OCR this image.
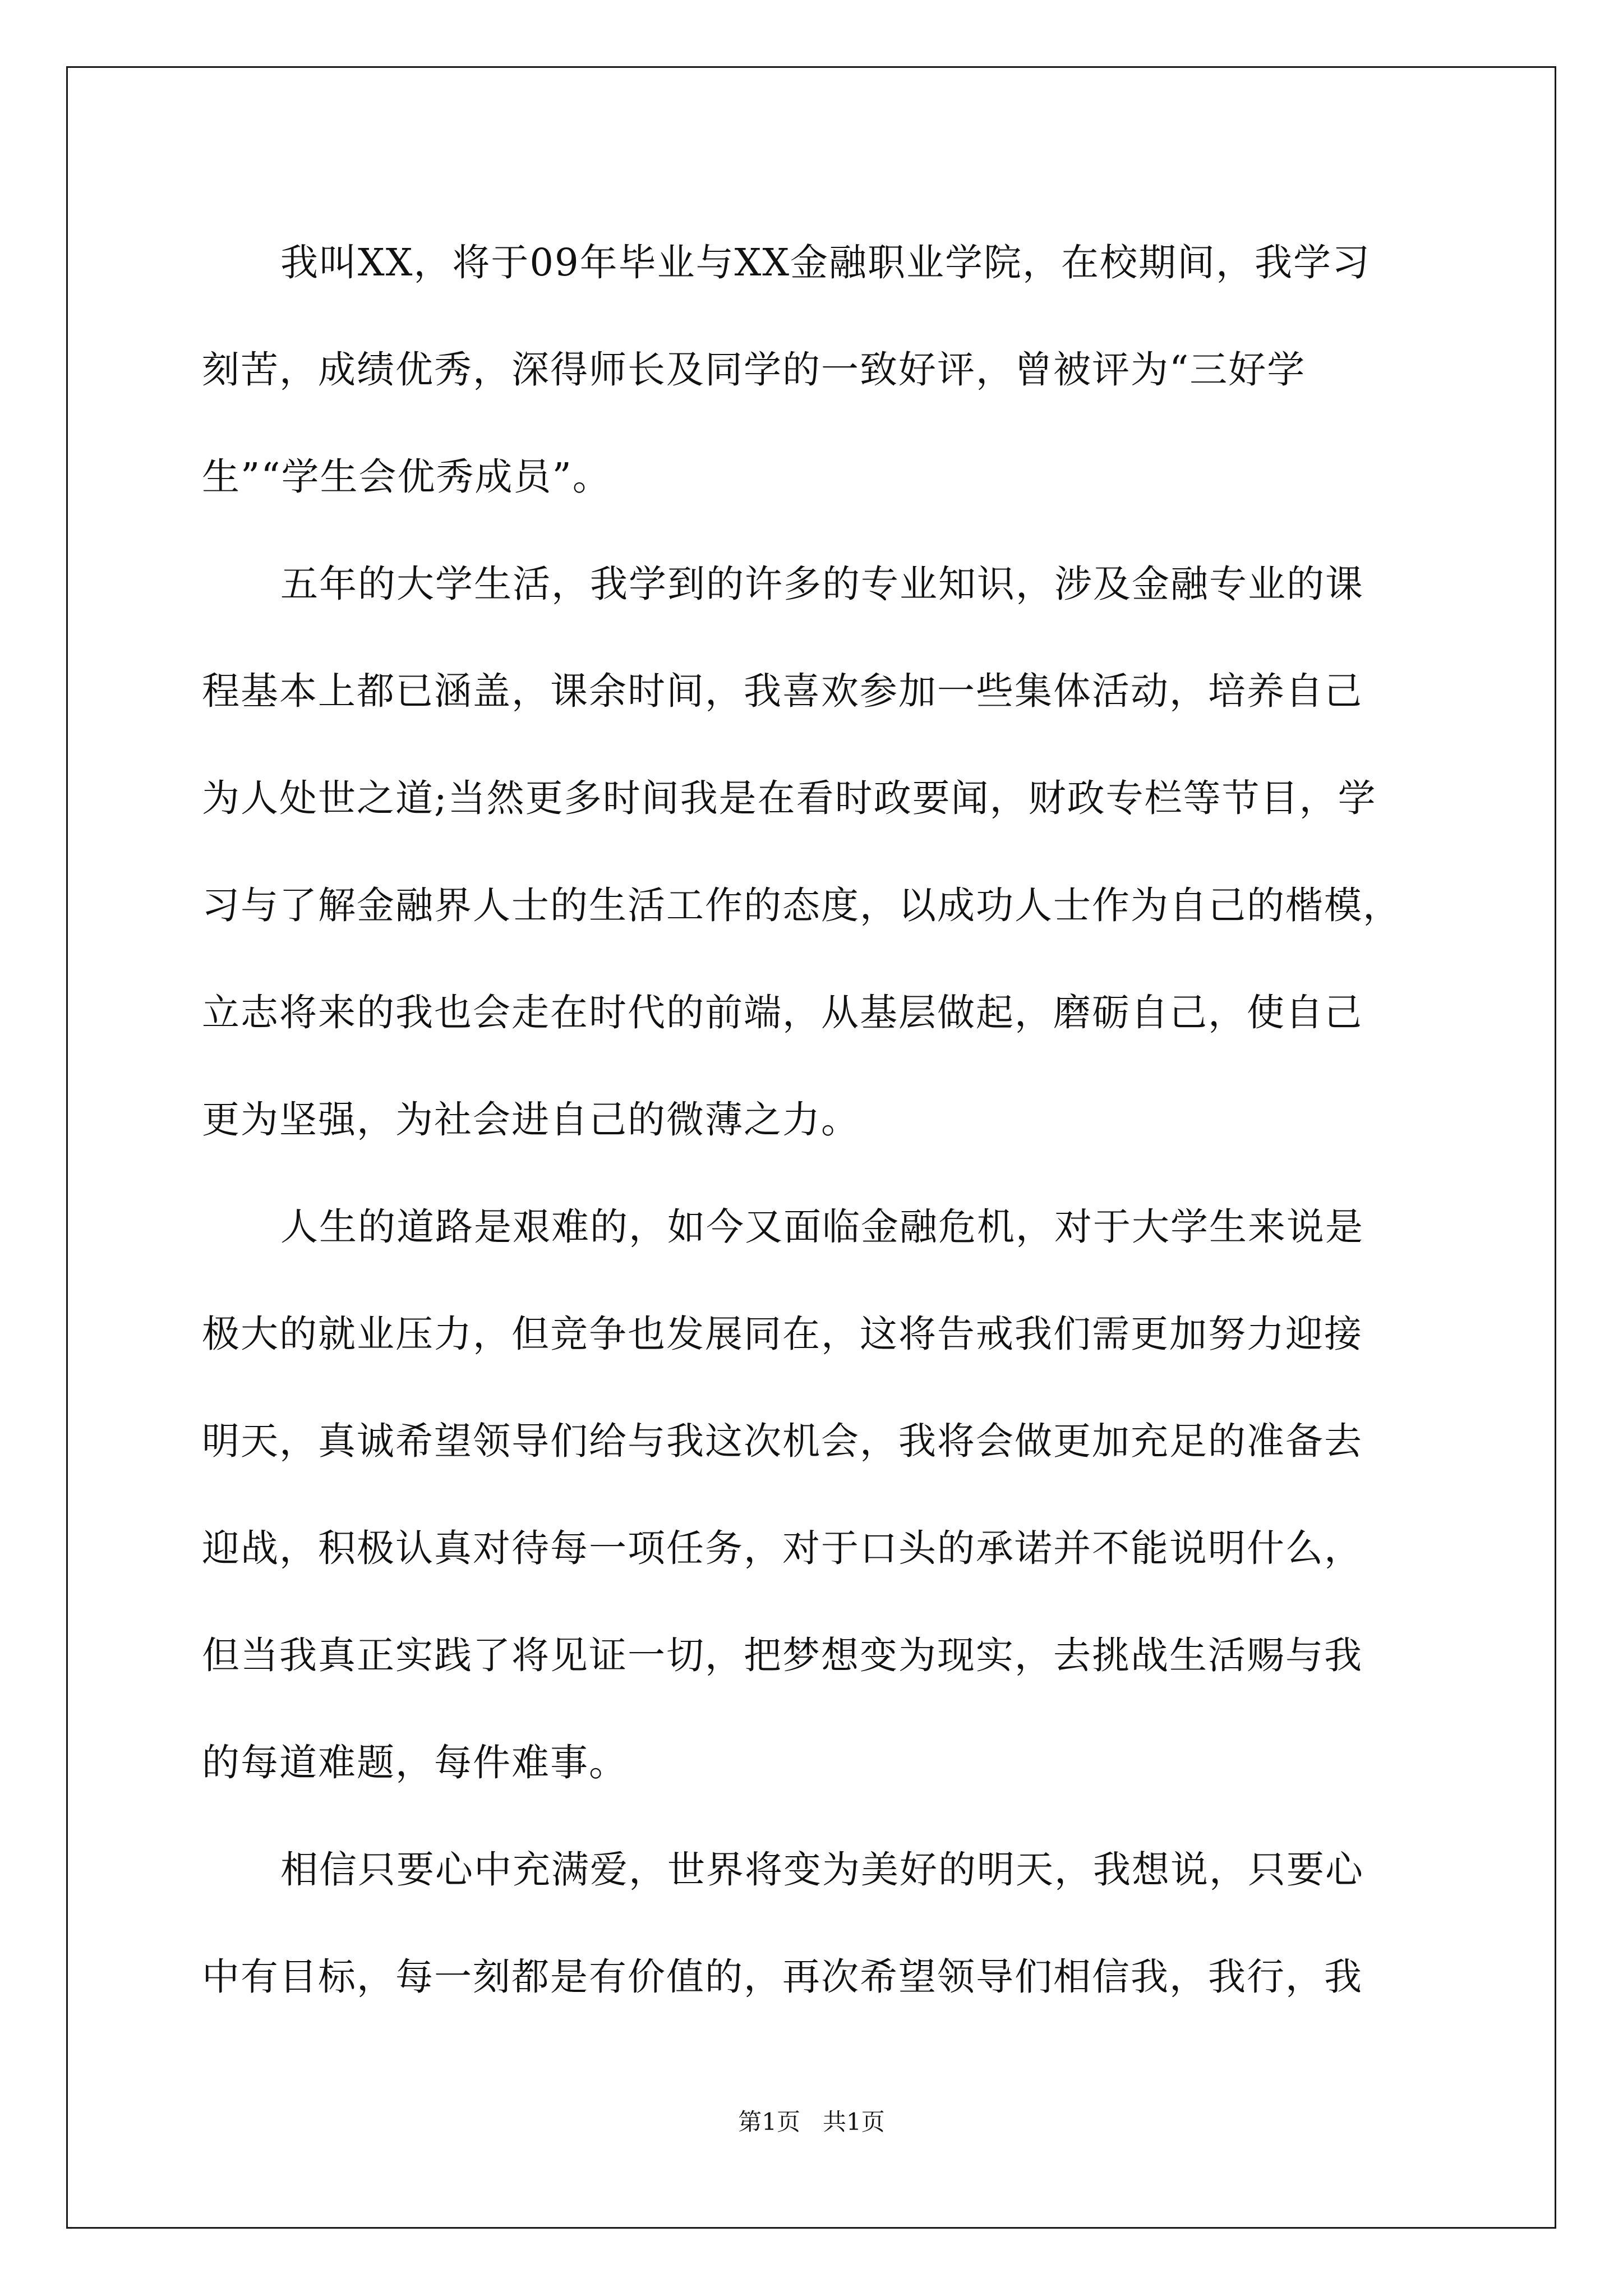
我叫XX，将于09年毕业与XX金融职业学院，在校期间，我学习
刻苦，成绩优秀，深得师长及同学的一致好评，曾被评为“三好学
生”“学生会优秀成员”。
五年的大学生活，我学到的许多的专业知识，涉及金融专业的课
程基本上都已涵盖，课余时间，我喜欢参加一些集体活动，培养自己
为人处世之道;当然更多时间我是在看时政要闻，财政专栏等节目，学
习与了解金融界人士的生活工作的态度，以成功人士作为自己的楷模，
立志将来的我也会走在时代的前端，从基层做起，磨砺自己，使自己
更为坚强，为社会进自己的微薄之力。
人生的道路是艰难的，如今又面临金融危机，对于大学生来说是
极大的就业压力，但竞争也发展同在，这将告戒我们需更加努力迎接
明天，真诚希望领导们给与我这次机会，我将会做更加充足的准备去
迎战，积极认真对待每一项任务，对于口头的承诺并不能说明什么，
但当我真正实践了将见证一切，把梦想变为现实，去挑战生活赐与我
的每道难题，每件难事。
相信只要心中充满爱，世界将变为美好的明天，我想说，只要心
中有目标，每一刻都是有价值的，再次希望领导们相信我，我行，我
第1页   共1页
